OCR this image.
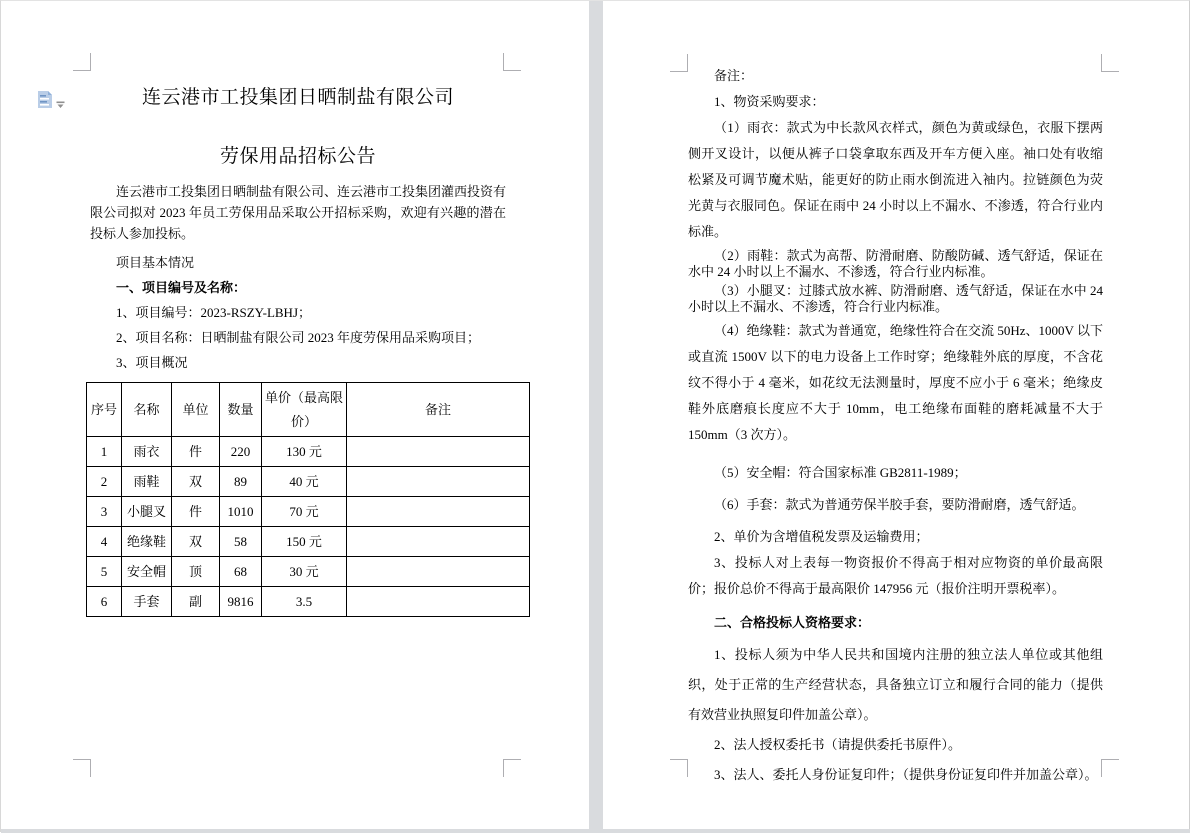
连云港市工投集团日晒制盐有限公司

劳保用品招标公告

连云港市工投集团日晒制盐有限公司、连云港市工投集团灌西投资有限公司拟对 2023 年员工劳保用品采取公开招标采购，欢迎有兴趣的潜在投标人参加投标。

项目基本情况

一、项目编号及名称：

1、项目编号：2023-RSZY-LBHJ；

2、项目名称：日晒制盐有限公司 2023 年度劳保用品采购项目；

3、项目概况

序号	名称	单位	数量	单价（最高限价）	备注
1	雨衣	件	220	130 元	
2	雨鞋	双	89	40 元	
3	小腿叉	件	1010	70 元	
4	绝缘鞋	双	58	150 元	
5	安全帽	顶	68	30 元	
6	手套	副	9816	3.5	

备注：

1、物资采购要求：

（1）雨衣：款式为中长款风衣样式，颜色为黄或绿色，衣服下摆两侧开叉设计，以便从裤子口袋拿取东西及开车方便入座。袖口处有收缩松紧及可调节魔术贴，能更好的防止雨水倒流进入袖内。拉链颜色为荧光黄与衣服同色。保证在雨中 24 小时以上不漏水、不渗透，符合行业内标准。

（2）雨鞋：款式为高帮、防滑耐磨、防酸防碱、透气舒适，保证在水中 24 小时以上不漏水、不渗透，符合行业内标准。

（3）小腿叉：过膝式放水裤、防滑耐磨、透气舒适，保证在水中 24 小时以上不漏水、不渗透，符合行业内标准。

（4）绝缘鞋：款式为普通宽，绝缘性符合在交流 50Hz、1000V 以下或直流 1500V 以下的电力设备上工作时穿；绝缘鞋外底的厚度，不含花纹不得小于 4 毫米，如花纹无法测量时，厚度不应小于 6 毫米；绝缘皮鞋外底磨痕长度应不大于 10mm，电工绝缘布面鞋的磨耗减量不大于 150mm（3 次方）。

（5）安全帽：符合国家标准 GB2811-1989；

（6）手套：款式为普通劳保半胶手套，要防滑耐磨，透气舒适。

2、单价为含增值税发票及运输费用；

3、投标人对上表每一物资报价不得高于相对应物资的单价最高限价；报价总价不得高于最高限价 147956 元（报价注明开票税率）。

二、合格投标人资格要求：

1、投标人须为中华人民共和国境内注册的独立法人单位或其他组织，处于正常的生产经营状态，具备独立订立和履行合同的能力（提供有效营业执照复印件加盖公章）。

2、法人授权委托书（请提供委托书原件）。

3、法人、委托人身份证复印件；（提供身份证复印件并加盖公章）。
